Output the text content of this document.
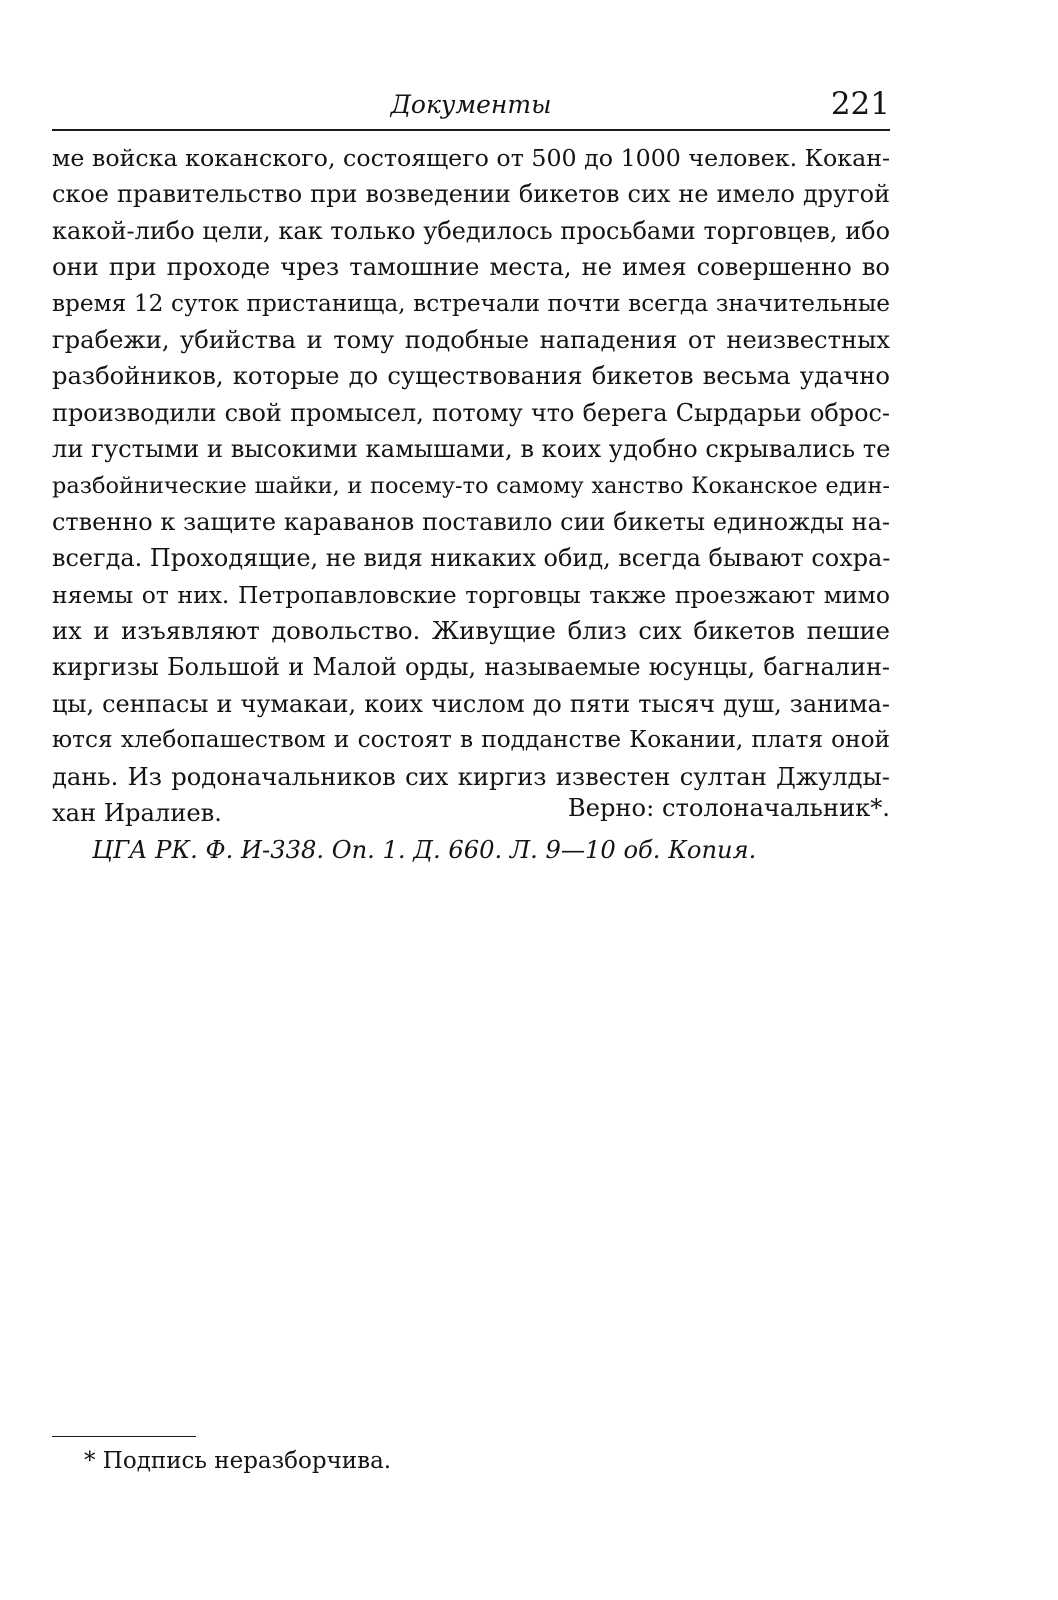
Документы	221
ме войска коканского, состоящего от 500 до 1000 человек. Кокан-
ское правительство при возведении бикетов сих не имело другой
какой-либо цели, как только убедилось просьбами торговцев, ибо
они при проходе чрез тамошние места, не имея совершенно во
время 12 суток пристанища, встречали почти всегда значительные
грабежи, убийства и тому подобные нападения от неизвестных
разбойников, которые до существования бикетов весьма удачно
производили свой промысел, потому что берега Сырдарьи оброс-
ли густыми и высокими камышами, в коих удобно скрывались те
разбойнические шайки, и посему-то самому ханство Коканское един-
ственно к защите караванов поставило сии бикеты единожды на-
всегда. Проходящие, не видя никаких обид, всегда бывают сохра-
няемы от них. Петропавловские торговцы также проезжают мимо
их и изъявляют довольство. Живущие близ сих бикетов пешие
киргизы Большой и Малой орды, называемые юсунцы, багналин-
цы, сенпасы и чумакаи, коих числом до пяти тысяч душ, занима-
ются хлебопашеством и состоят в подданстве Кокании, платя оной
дань. Из родоначальников сих киргиз известен султан Джулды-
хан Иралиев.	Верно: столоначальник*.
ЦГА РК. Ф. И-338. Оп. 1. Д. 660. Л. 9—10 об. Копия.
* Подпись неразборчива.
